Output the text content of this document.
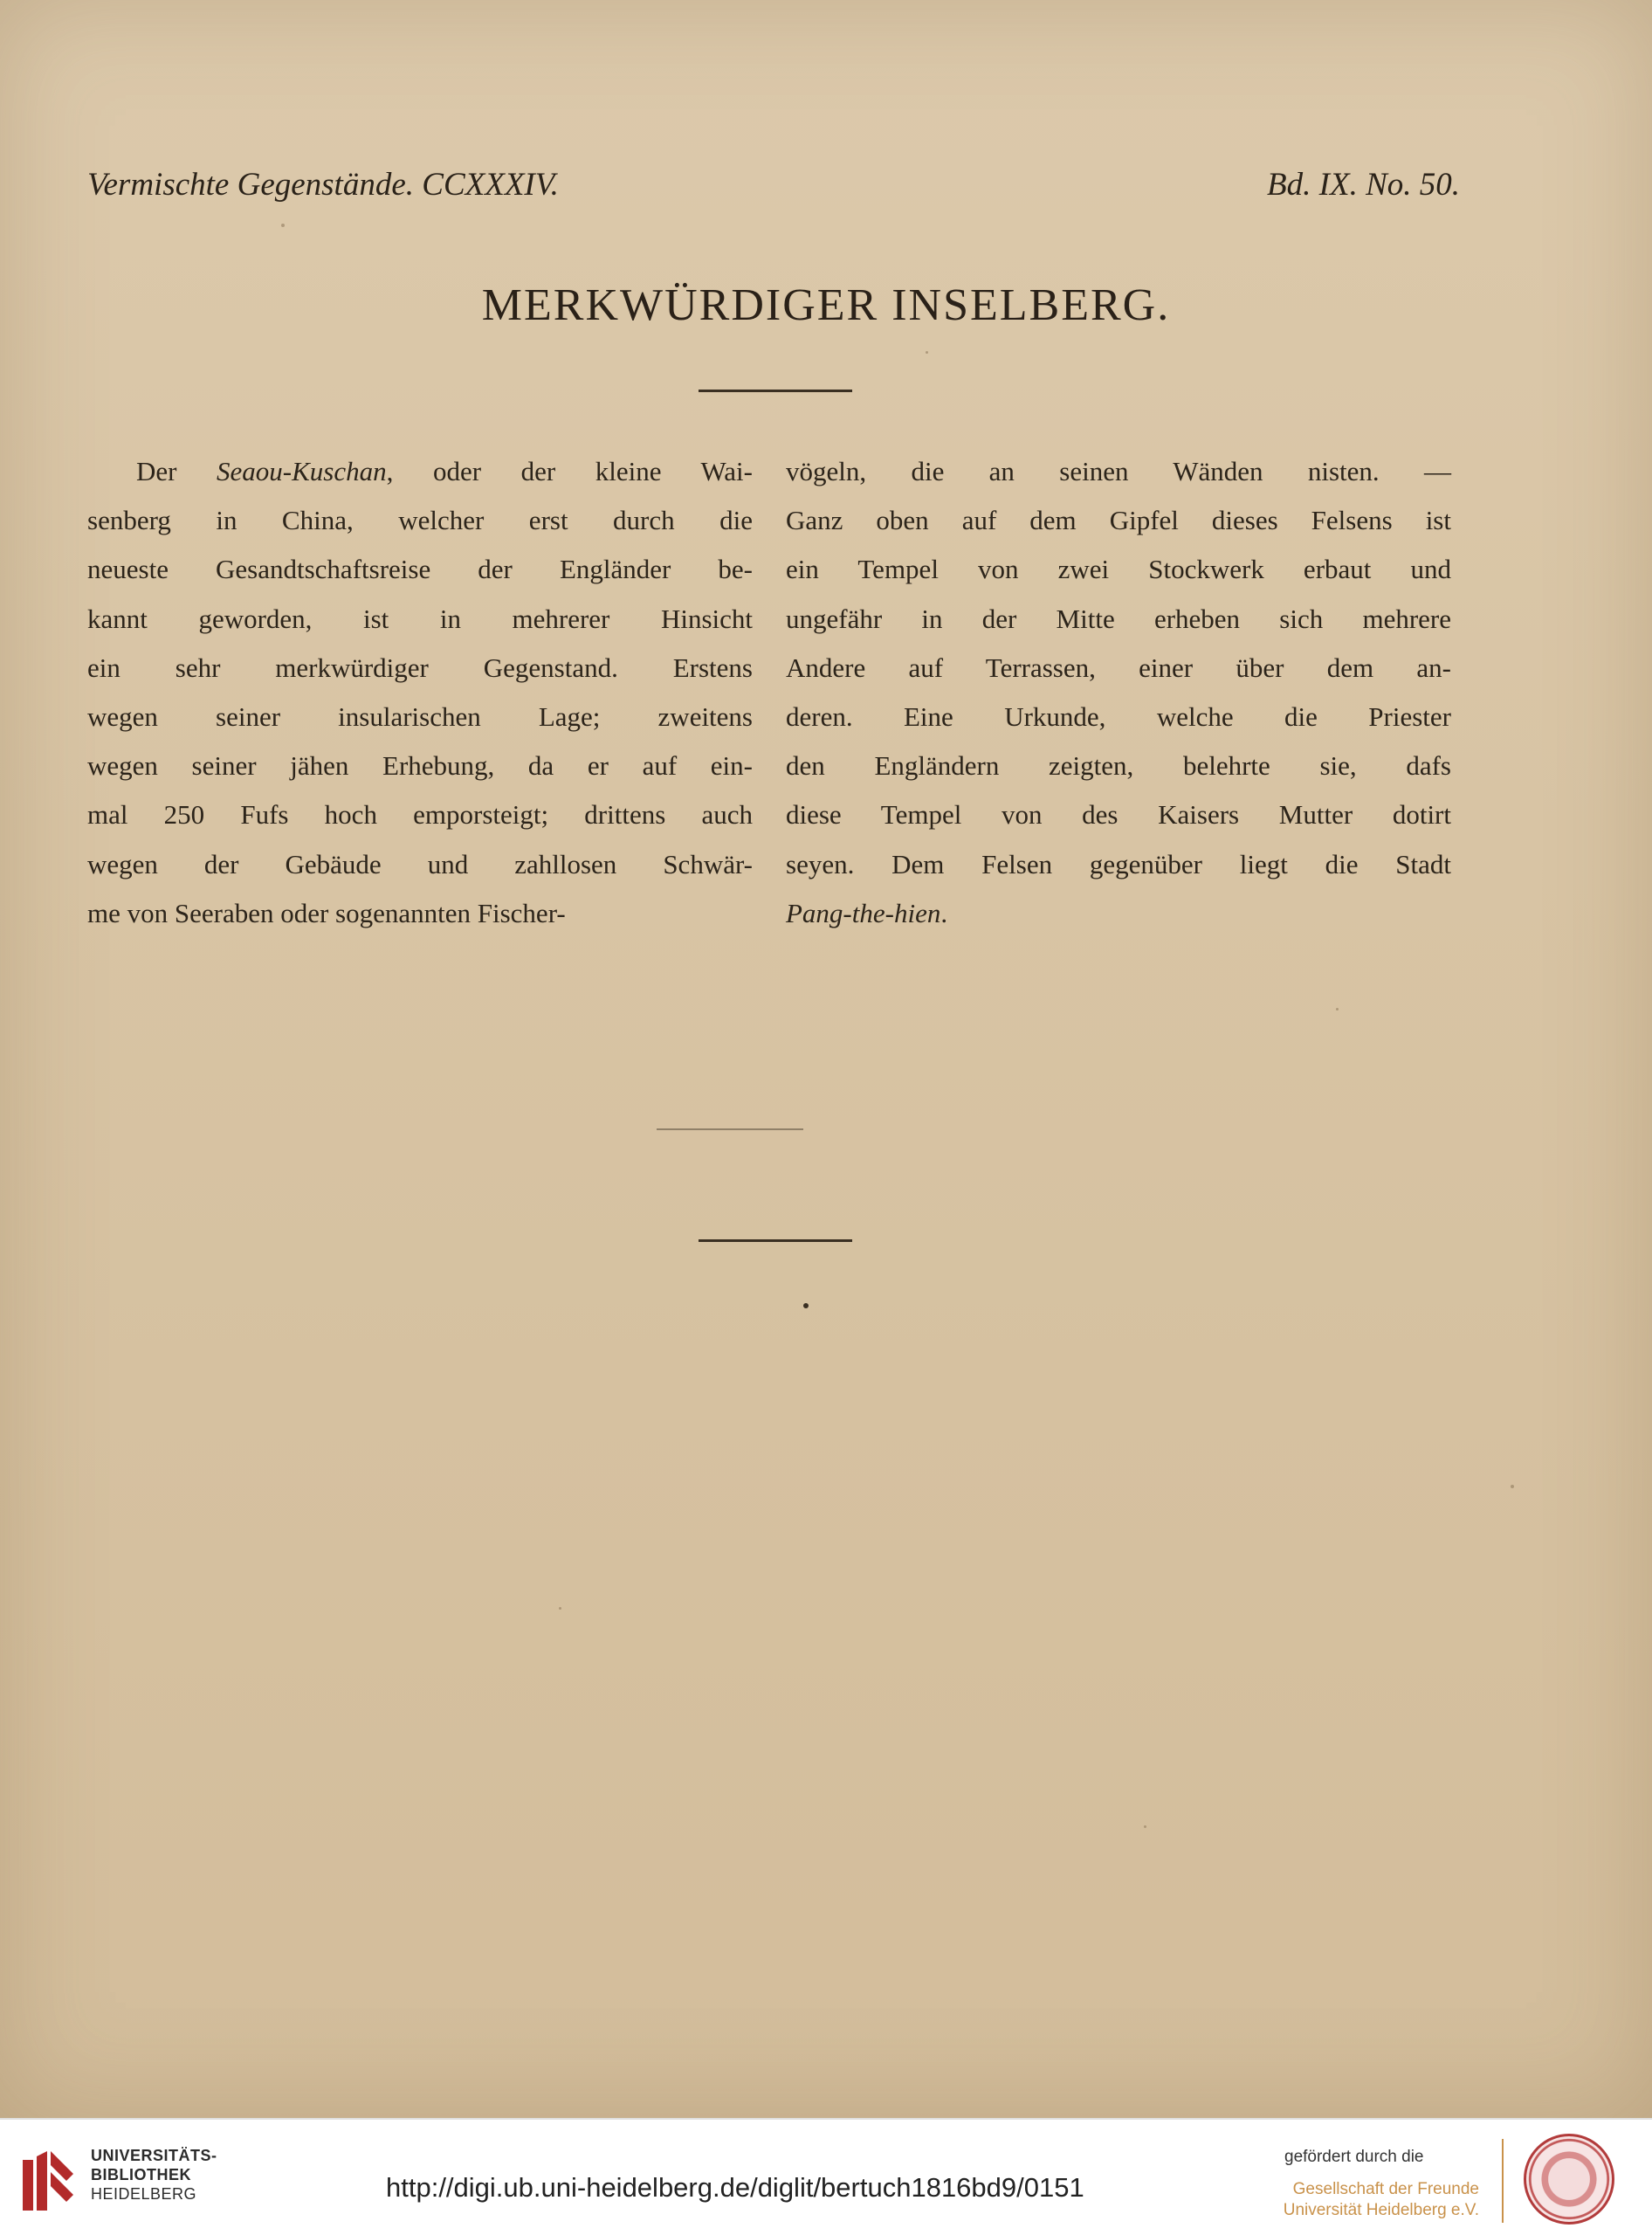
Vermischte Gegenstände. CCXXXIV.	Bd. IX. No. 50.
MERKWÜRDIGER INSELBERG.
Der Seaou-Kuschan, oder der kleine Wai-
senberg in China, welcher erst durch die
neueste Gesandtschaftsreise der Engländer be-
kannt geworden, ist in mehrerer Hinsicht
ein sehr merkwürdiger Gegenstand. Erstens
wegen seiner insularischen Lage; zweitens
wegen seiner jähen Erhebung, da er auf ein-
mal 250 Fufs hoch emporsteigt; drittens auch
wegen der Gebäude und zahllosen Schwär-
me von Seeraben oder sogenannten Fischer-
vögeln, die an seinen Wänden nisten. —
Ganz oben auf dem Gipfel dieses Felsens ist
ein Tempel von zwei Stockwerk erbaut und
ungefähr in der Mitte erheben sich mehrere
Andere auf Terrassen, einer über dem an-
deren. Eine Urkunde, welche die Priester
den Engländern zeigten, belehrte sie, dafs
diese Tempel von des Kaisers Mutter dotirt
seyen. Dem Felsen gegenüber liegt die Stadt
Pang-the-hien.
UNIVERSITÄTS-
BIBLIOTHEK
HEIDELBERG	http://digi.ub.uni-heidelberg.de/diglit/bertuch1816bd9/0151
gefördert durch die
Gesellschaft der Freunde
Universität Heidelberg e.V.
